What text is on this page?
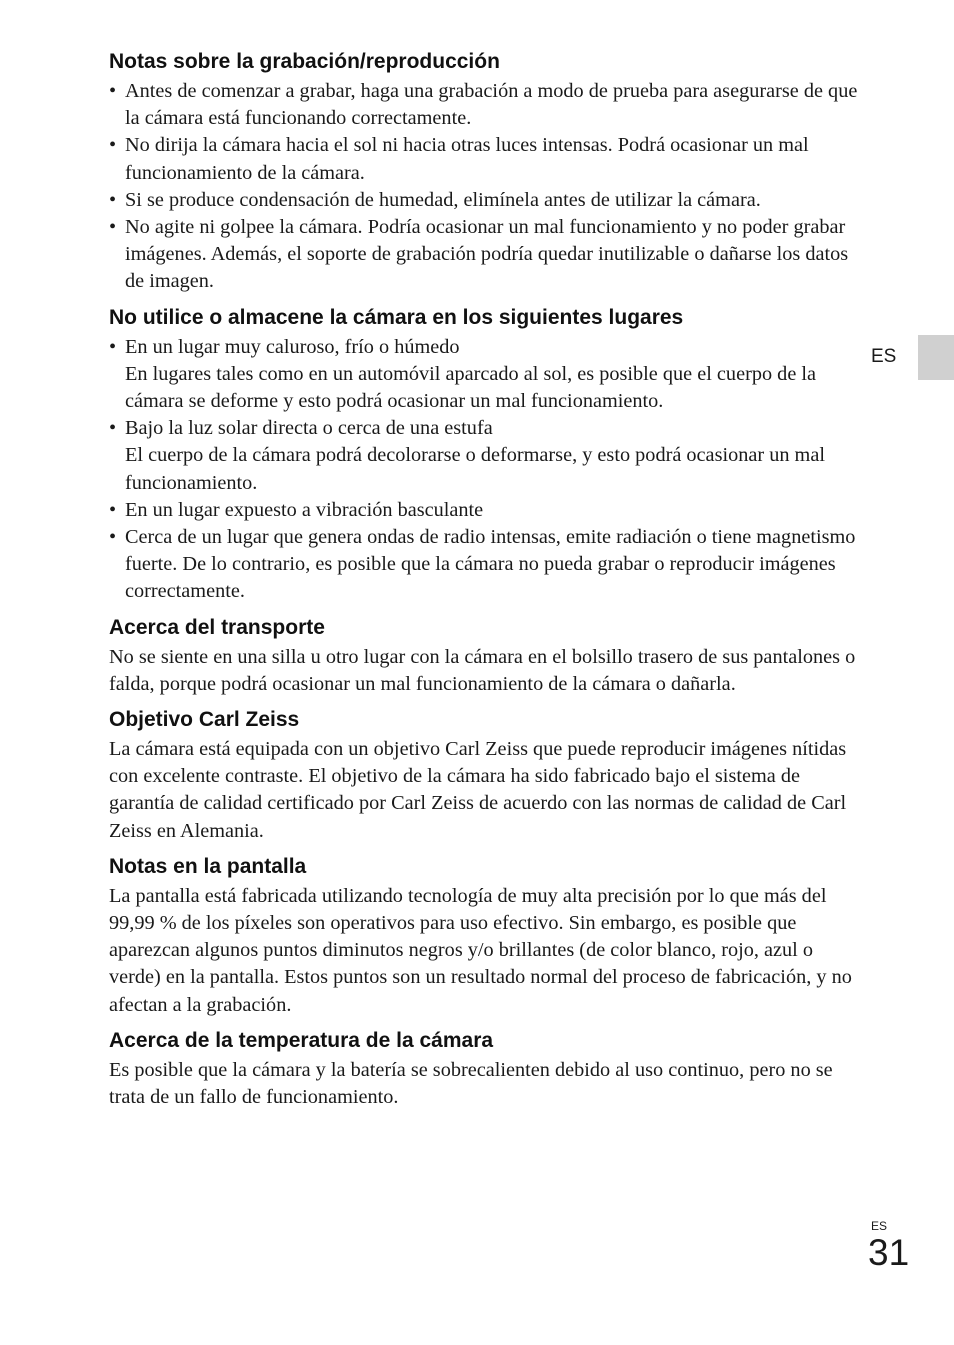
Notas sobre la grabación/reproducción
• Antes de comenzar a grabar, haga una grabación a modo de prueba para asegurarse de que la cámara está funcionando correctamente.
• No dirija la cámara hacia el sol ni hacia otras luces intensas. Podrá ocasionar un mal funcionamiento de la cámara.
• Si se produce condensación de humedad, elimínela antes de utilizar la cámara.
• No agite ni golpee la cámara. Podría ocasionar un mal funcionamiento y no poder grabar imágenes. Además, el soporte de grabación podría quedar inutilizable o dañarse los datos de imagen.
No utilice o almacene la cámara en los siguientes lugares
• En un lugar muy caluroso, frío o húmedo
En lugares tales como en un automóvil aparcado al sol, es posible que el cuerpo de la cámara se deforme y esto podrá ocasionar un mal funcionamiento.
• Bajo la luz solar directa o cerca de una estufa
El cuerpo de la cámara podrá decolorarse o deformarse, y esto podrá ocasionar un mal funcionamiento.
• En un lugar expuesto a vibración basculante
• Cerca de un lugar que genera ondas de radio intensas, emite radiación o tiene magnetismo fuerte. De lo contrario, es posible que la cámara no pueda grabar o reproducir imágenes correctamente.
Acerca del transporte

No se siente en una silla u otro lugar con la cámara en el bolsillo trasero de sus pantalones o falda, porque podrá ocasionar un mal funcionamiento de la cámara o dañarla.

Objetivo Carl Zeiss

La cámara está equipada con un objetivo Carl Zeiss que puede reproducir imágenes nítidas con excelente contraste. El objetivo de la cámara ha sido fabricado bajo el sistema de garantía de calidad certificado por Carl Zeiss de acuerdo con las normas de calidad de Carl Zeiss en Alemania.

Notas en la pantalla

La pantalla está fabricada utilizando tecnología de muy alta precisión por lo que más del 99,99 % de los píxeles son operativos para uso efectivo. Sin embargo, es posible que aparezcan algunos puntos diminutos negros y/o brillantes (de color blanco, rojo, azul o verde) en la pantalla. Estos puntos son un resultado normal del proceso de fabricación, y no afectan a la grabación.

Acerca de la temperatura de la cámara

Es posible que la cámara y la batería se sobrecalienten debido al uso continuo, pero no se trata de un fallo de funcionamiento.

ES
ES
31
